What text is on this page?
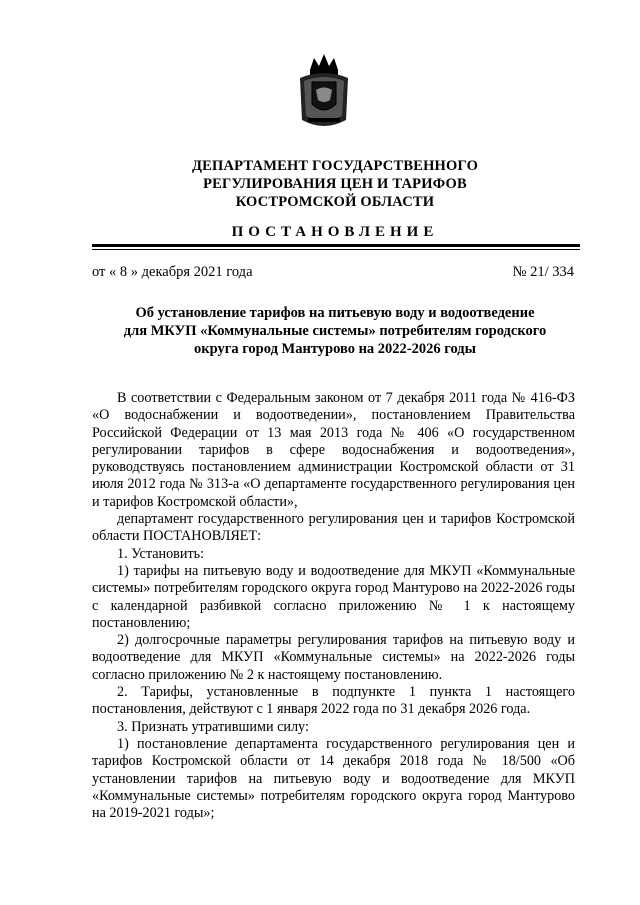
ДЕПАРТАМЕНТ ГОСУДАРСТВЕННОГО
РЕГУЛИРОВАНИЯ ЦЕН И ТАРИФОВ
КОСТРОМСКОЙ ОБЛАСТИ
ПОСТАНОВЛЕНИЕ
от « 8 » декабря 2021 года	№ 21/ 334
Об установление тарифов на питьевую воду и водоотведение
для МКУП «Коммунальные системы» потребителям городского
округа город Мантурово на 2022-2026 годы

В соответствии с Федеральным законом от 7 декабря 2011 года № 416-ФЗ «О водоснабжении и водоотведении», постановлением Правительства Российской Федерации от 13 мая 2013 года № 406 «О государственном регулировании тарифов в сфере водоснабжения и водоотведения», руководствуясь постановлением администрации Костромской области от 31 июля 2012 года № 313-а «О департаменте государственного регулирования цен и тарифов Костромской области»,

департамент государственного регулирования цен и тарифов Костромской области ПОСТАНОВЛЯЕТ:

1. Установить:

1) тарифы на питьевую воду и водоотведение для МКУП «Коммунальные системы» потребителям городского округа город Мантурово на 2022-2026 годы с календарной разбивкой согласно приложению № 1 к настоящему постановлению;

2) долгосрочные параметры регулирования тарифов на питьевую воду и водоотведение для МКУП «Коммунальные системы» на 2022-2026 годы согласно приложению № 2 к настоящему постановлению.

2. Тарифы, установленные в подпункте 1 пункта 1 настоящего постановления, действуют с 1 января 2022 года по 31 декабря 2026 года.

3. Признать утратившими силу:

1) постановление департамента государственного регулирования цен и тарифов Костромской области от 14 декабря 2018 года № 18/500 «Об установлении тарифов на питьевую воду и водоотведение для МКУП «Коммунальные системы» потребителям городского округа город Мантурово на 2019-2021 годы»;
